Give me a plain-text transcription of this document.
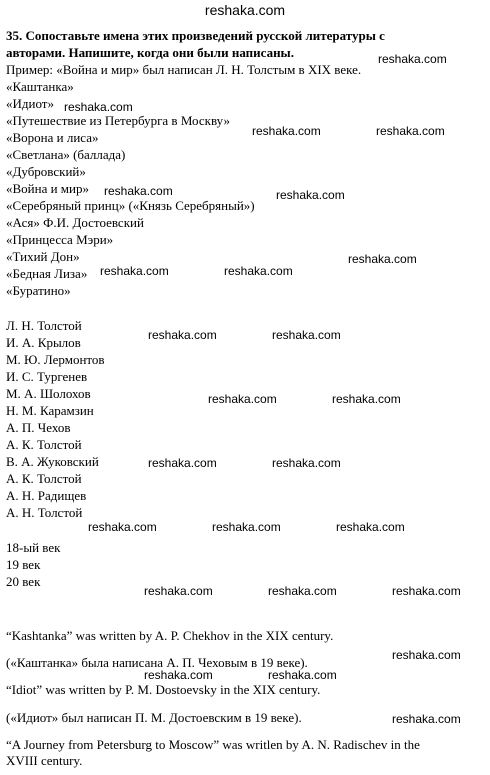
reshaka.com
35. Сопоставьте имена этих произведений русской литературы с
авторами. Напишите, когда они были написаны.
Пример: «Война и мир» был написан Л. Н. Толстым в XIX веке.
«Каштанка»
«Идиот»
«Путешествие из Петербурга в Москву»
«Ворона и лиса»
«Светлана» (баллада)
«Дубровский»
«Война и мир»
«Серебряный принц» («Князь Серебряный»)
«Ася» Ф.И. Достоевский
«Принцесса Мэри»
«Тихий Дон»
«Бедная Лиза»
«Буратино»
Л. Н. Толстой
И. А. Крылов
М. Ю. Лермонтов
И. С. Тургенев
М. А. Шолохов
Н. М. Карамзин
А. П. Чехов
А. К. Толстой
В. А. Жуковский
А. К. Толстой
А. Н. Радищев
А. Н. Толстой
18-ый век
19 век
20 век
“Kashtanka” was written by A. P. Chekhov in the XIX century.
(«Каштанка» была написана А. П. Чеховым в 19 веке).
“Idiot” was written by P. M. Dostoevsky in the XIX century.
(«Идиот» был написан П. М. Достоевским в 19 веке).
“A Journey from Petersburg to Moscow” was writlen by A. N. Radischev in the
XVIII century.
reshaka.com
reshaka.com
reshaka.com	reshaka.com
reshaka.com	reshaka.com
reshaka.com
reshaka.com	reshaka.com
reshaka.com	reshaka.com
reshaka.com	reshaka.com
reshaka.com	reshaka.com
reshaka.com	reshaka.com	reshaka.com
reshaka.com	reshaka.com	reshaka.com
reshaka.com
reshaka.com	reshaka.com
reshaka.com
